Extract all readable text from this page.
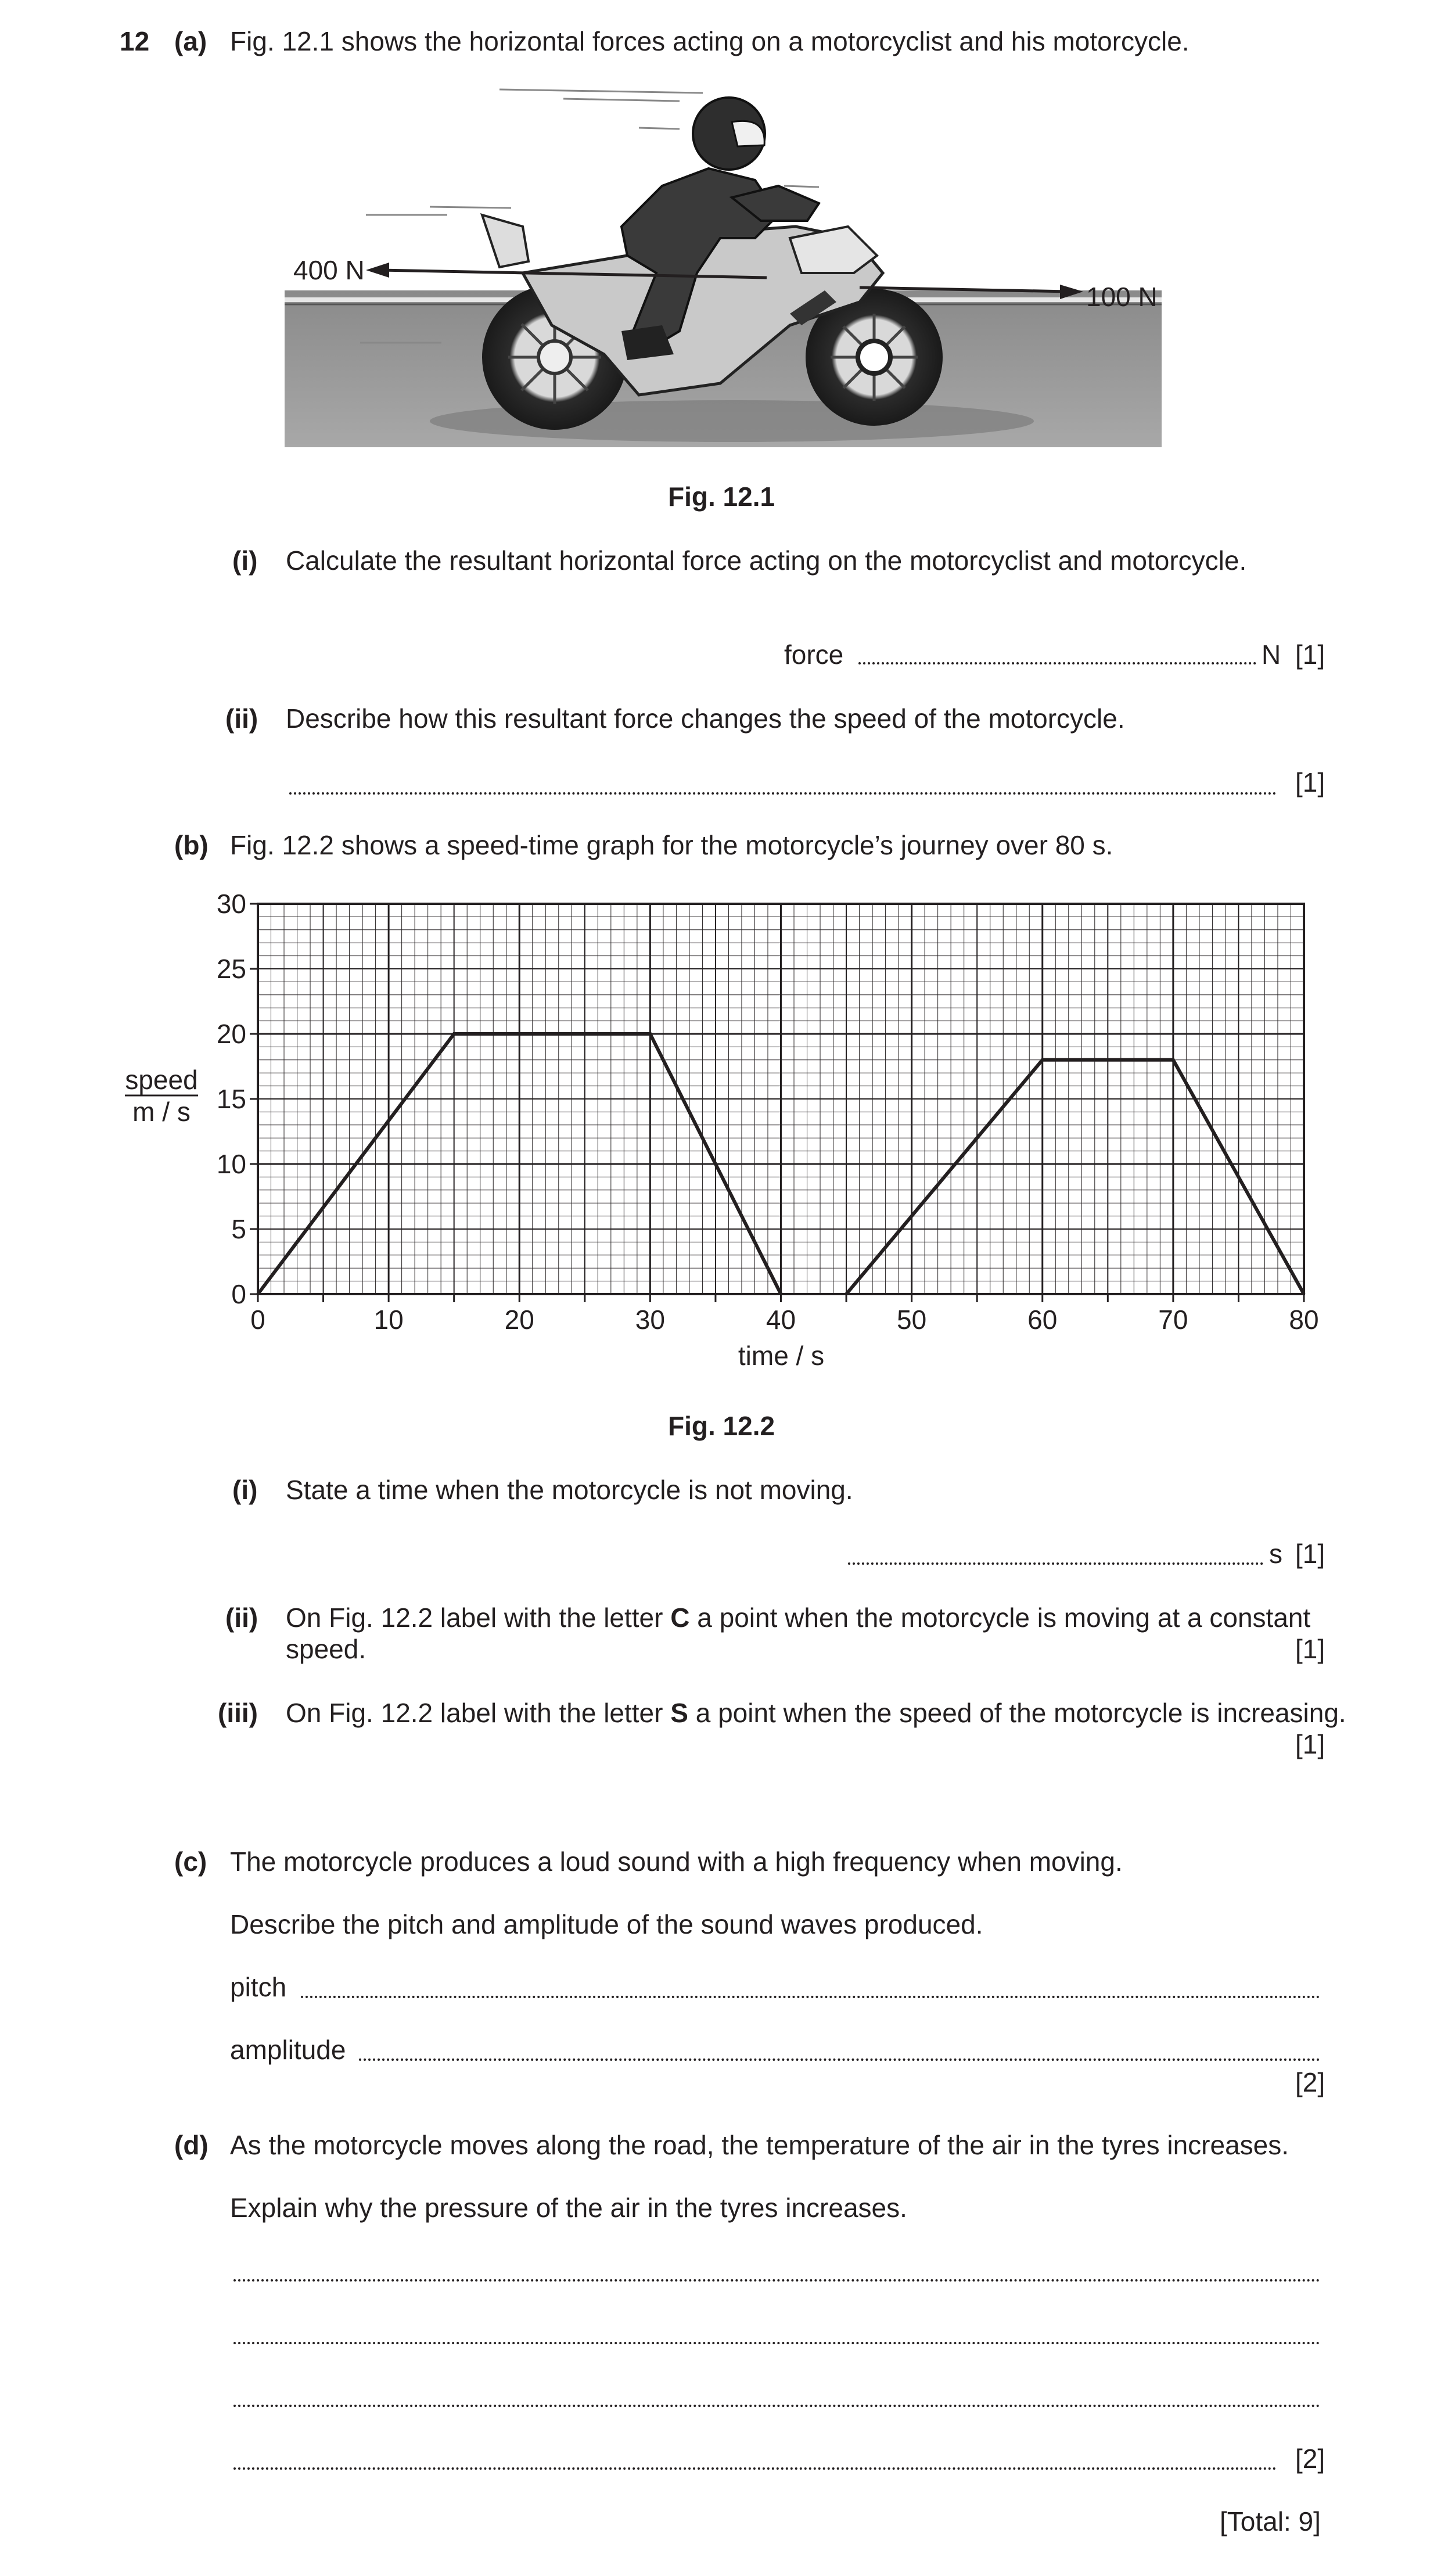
12 (a) Fig. 12.1 shows the horizontal forces acting on a motorcyclist and his motorcycle.
400 N
100 N
Fig. 12.1
(i) Calculate the resultant horizontal force acting on the motorcyclist and motorcycle.
force	N [1]
(ii) Describe how this resultant force changes the speed of the motorcycle.
[1]
(b) Fig. 12.2 shows a speed-time graph for the motorcycle’s journey over 80 s.
0	10	20	30	40	50	60	70	80
0
5
10
15
20
25
30
time / s
speed
m / s
Fig. 12.2
(i) State a time when the motorcycle is not moving.
s [1]
(ii) On Fig. 12.2 label with the letter C a point when the motorcycle is moving at a constant
speed.	[1]
(iii) On Fig. 12.2 label with the letter S a point when the speed of the motorcycle is increasing.
[1]
(c) The motorcycle produces a loud sound with a high frequency when moving.
Describe the pitch and amplitude of the sound waves produced.
pitch
amplitude
[2]
(d) As the motorcycle moves along the road, the temperature of the air in the tyres increases.
Explain why the pressure of the air in the tyres increases.
[2]
[Total: 9]
